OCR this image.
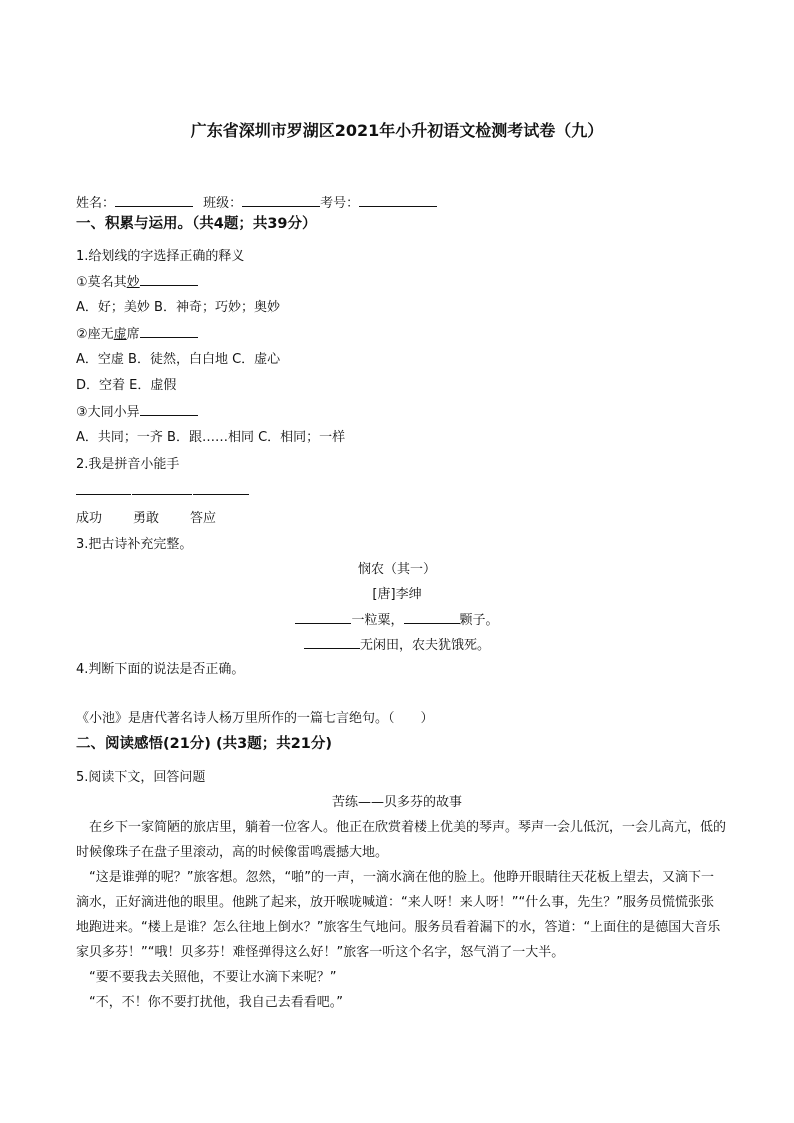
广东省深圳市罗湖区2021年小升初语文检测考试卷（九）
姓名：	班级：	考号：
一、积累与运用。（共4题；共39分）
1.给划线的字选择正确的释义
①莫名其妙
A．好；美妙 B．神奇；巧妙；奥妙
②座无虚席
A．空虚 B．徒然，白白地 C．虚心
D．空着 E．虚假
③大同小异
A．共同；一齐 B．跟……相同 C．相同；一样
2.我是拼音小能手
成功 勇敢 答应
3.把古诗补充完整。
悯农（其一）
[唐]李绅
一粒粟，	颗子。
无闲田，农夫犹饿死。
4.判断下面的说法是否正确。
《小池》是唐代著名诗人杨万里所作的一篇七言绝句。（　　）
二、阅读感悟(21分) (共3题；共21分)
5.阅读下文，回答问题
苦练——贝多芬的故事

　在乡下一家简陋的旅店里，躺着一位客人。他正在欣赏着楼上优美的琴声。琴声一会儿低沉，一会儿高亢，低的时候像珠子在盘子里滚动，高的时候像雷鸣震撼大地。

　“这是谁弹的呢？”旅客想。忽然，“啪”的一声，一滴水滴在他的脸上。他睁开眼睛往天花板上望去，又滴下一滴水，正好滴进他的眼里。他跳了起来，放开喉咙喊道：“来人呀！来人呀！”“什么事，先生？”服务员慌慌张张地跑进来。“楼上是谁？怎么往地上倒水？”旅客生气地问。服务员看着漏下的水，答道：“上面住的是德国大音乐家贝多芬！”“哦！贝多芬！难怪弹得这么好！”旅客一听这个名字，怒气消了一大半。

　“要不要我去关照他，不要让水滴下来呢？”

　“不，不！你不要打扰他，我自己去看看吧。”
